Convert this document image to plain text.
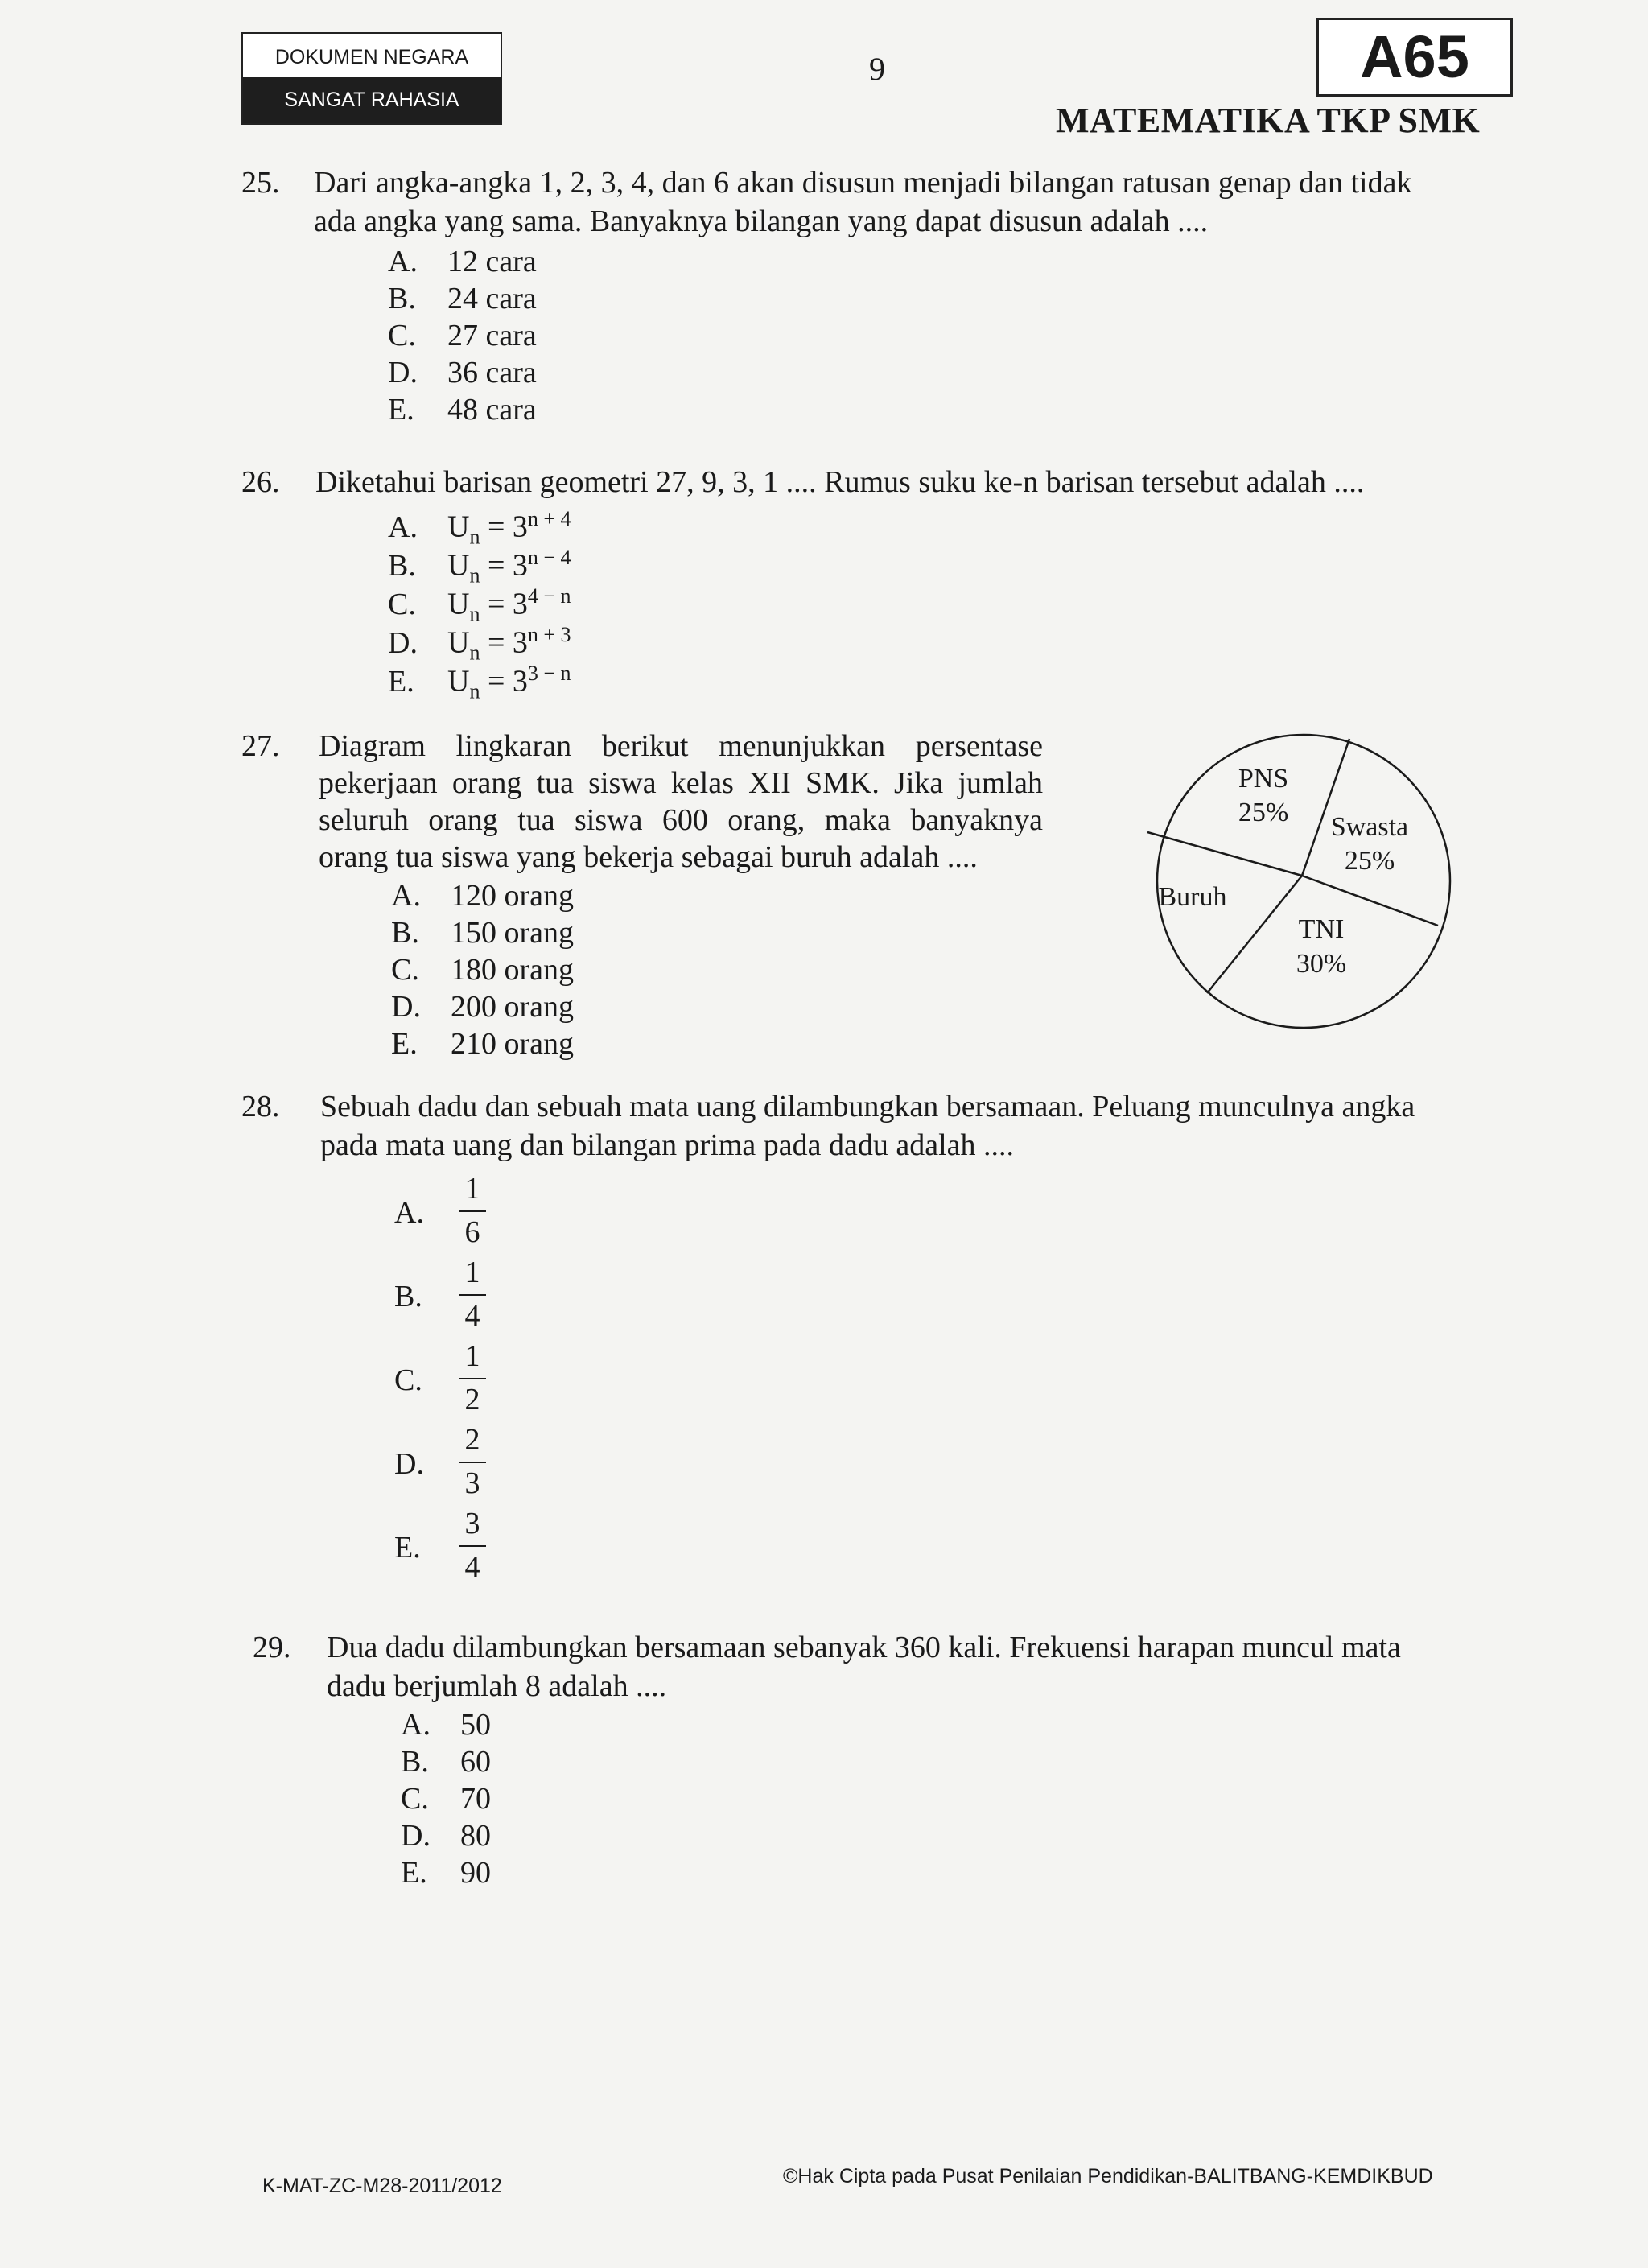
DOKUMEN NEGARA
SANGAT RAHASIA
9	A65
MATEMATIKA TKP SMK
25. Dari angka-angka 1, 2, 3, 4, dan 6 akan disusun menjadi bilangan ratusan genap dan tidak
ada angka yang sama. Banyaknya bilangan yang dapat disusun adalah ....
A. 12 cara
B. 24 cara
C. 27 cara
D. 36 cara
E. 48 cara
26. Diketahui barisan geometri 27, 9, 3, 1 .... Rumus suku ke-n barisan tersebut adalah ....
A. $U_n = 3^{n + 4}$
B. $U_n = 3^{n - 4}$
C. $U_n = 3^{4 - n}$
D. $U_n = 3^{n + 3}$
E. $U_n = 3^{3 - n}$
27. Diagram lingkaran berikut menunjukkan persentase
pekerjaan orang tua siswa kelas XII SMK. Jika jumlah
seluruh orang tua siswa 600 orang, maka banyaknya
orang tua siswa yang bekerja sebagai buruh adalah ....
A. 120 orang
B. 150 orang
C. 180 orang
D. 200 orang
E. 210 orang
PNS
25% Swasta
25%
Buruh
TNI
30%
28. Sebuah dadu dan sebuah mata uang dilambungkan bersamaan. Peluang munculnya angka
pada mata uang dan bilangan prima pada dadu adalah ....
A.
1
6
B.
1
4
C.
1
2
D.
2
3
E.
3
4
29. Dua dadu dilambungkan bersamaan sebanyak 360 kali. Frekuensi harapan muncul mata
dadu berjumlah 8 adalah ....
A. 50
B. 60
C. 70
D. 80
E. 90
K-MAT-ZC-M28-2011/2012	©Hak Cipta pada Pusat Penilaian Pendidikan-BALITBANG-KEMDIKBUD
